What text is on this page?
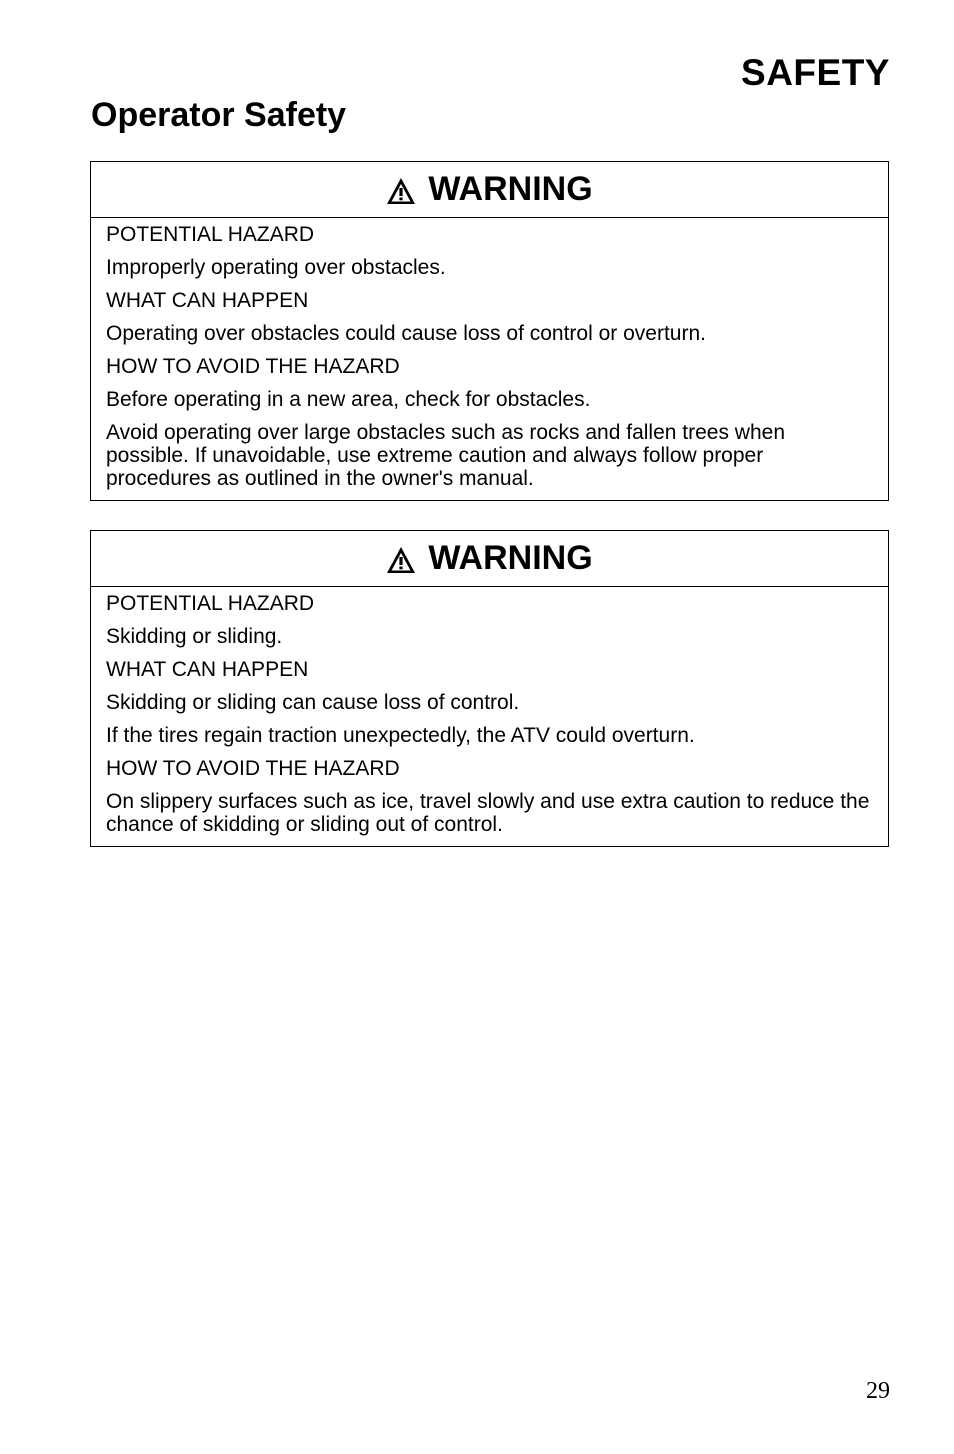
SAFETY
Operator Safety
WARNING
POTENTIAL HAZARD
Improperly operating over obstacles.
WHAT CAN HAPPEN
Operating over obstacles could cause loss of control or overturn.
HOW TO AVOID THE HAZARD
Before operating in a new area, check for obstacles.
Avoid operating over large obstacles such as rocks and fallen trees when possible. If unavoidable, use extreme caution and always follow proper procedures as outlined in the owner's manual.
WARNING
POTENTIAL HAZARD
Skidding or sliding.
WHAT CAN HAPPEN
Skidding or sliding can cause loss of control.
If the tires regain traction unexpectedly, the ATV could overturn.
HOW TO AVOID THE HAZARD
On slippery surfaces such as ice, travel slowly and use extra caution to reduce the chance of skidding or sliding out of control.
29
